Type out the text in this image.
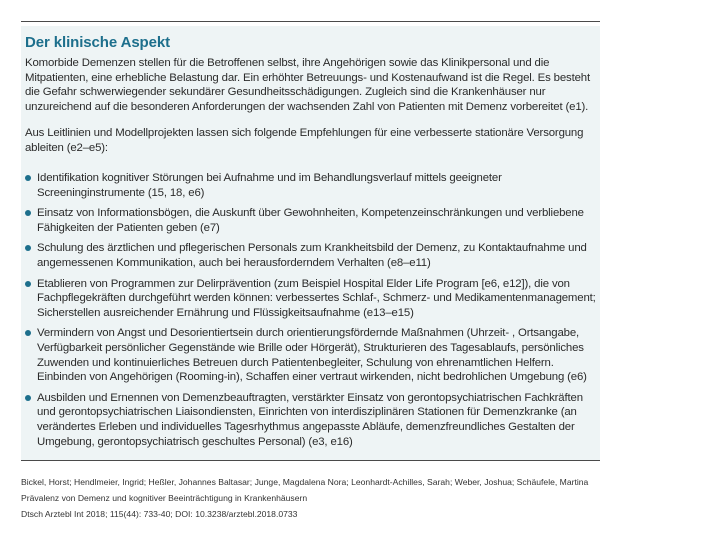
Der klinische Aspekt

Komorbide Demenzen stellen für die Betroffenen selbst, ihre Angehörigen sowie das Klinikpersonal und die Mitpatienten, eine erhebliche Belastung dar. Ein erhöhter Betreuungs- und Kostenaufwand ist die Regel. Es besteht die Gefahr schwerwiegender sekundärer Gesundheitsschädigungen. Zugleich sind die Krankenhäuser nur unzureichend auf die besonderen Anforderungen der wachsenden Zahl von Patienten mit Demenz vorbereitet (e1).

Aus Leitlinien und Modellprojekten lassen sich folgende Empfehlungen für eine verbesserte stationäre Versorgung ableiten (e2–e5):

Identifikation kognitiver Störungen bei Aufnahme und im Behandlungsverlauf mittels geeigneter Screeninginstrumente (15, 18, e6)
Einsatz von Informationsbögen, die Auskunft über Gewohnheiten, Kompetenzeinschränkungen und verbliebene Fähigkeiten der Patienten geben (e7)
Schulung des ärztlichen und pflegerischen Personals zum Krankheitsbild der Demenz, zu Kontaktaufnahme und angemessenen Kommunikation, auch bei herausforderndem Verhalten (e8–e11)
Etablieren von Programmen zur Delirprävention (zum Beispiel Hospital Elder Life Program [e6, e12]), die von Fachpflegekräften durchgeführt werden können: verbessertes Schlaf-, Schmerz- und Medikamentenmanagement; Sicherstellen ausreichender Ernährung und Flüssigkeitsaufnahme (e13–e15)
Vermindern von Angst und Desorientiertsein durch orientierungsfördernde Maßnahmen (Uhrzeit- , Ortsangabe, Verfügbarkeit persönlicher Gegenstände wie Brille oder Hörgerät), Strukturieren des Tagesablaufs, persönliches Zuwenden und kontinuierliches Betreuen durch Patientenbegleiter, Schulung von ehrenamtlichen Helfern. Einbinden von Angehörigen (Rooming-in), Schaffen einer vertraut wirkenden, nicht bedrohlichen Umgebung (e6)
Ausbilden und Ernennen von Demenzbeauftragten, verstärkter Einsatz von gerontopsychiatrischen Fachkräften und gerontopsychiatrischen Liaisondiensten, Einrichten von interdisziplinären Stationen für Demenzkranke (an verändertes Erleben und individuelles Tagesrhythmus angepasste Abläufe, demenzfreundliches Gestalten der Umgebung, gerontopsychiatrisch geschultes Personal) (e3, e16)
Bickel, Horst; Hendlmeier, Ingrid; Heßler, Johannes Baltasar; Junge, Magdalena Nora; Leonhardt-Achilles, Sarah; Weber, Joshua; Schäufele, Martina
Prävalenz von Demenz und kognitiver Beeinträchtigung in Krankenhäusern
Dtsch Arztebl Int 2018; 115(44): 733-40; DOI: 10.3238/arztebl.2018.0733
